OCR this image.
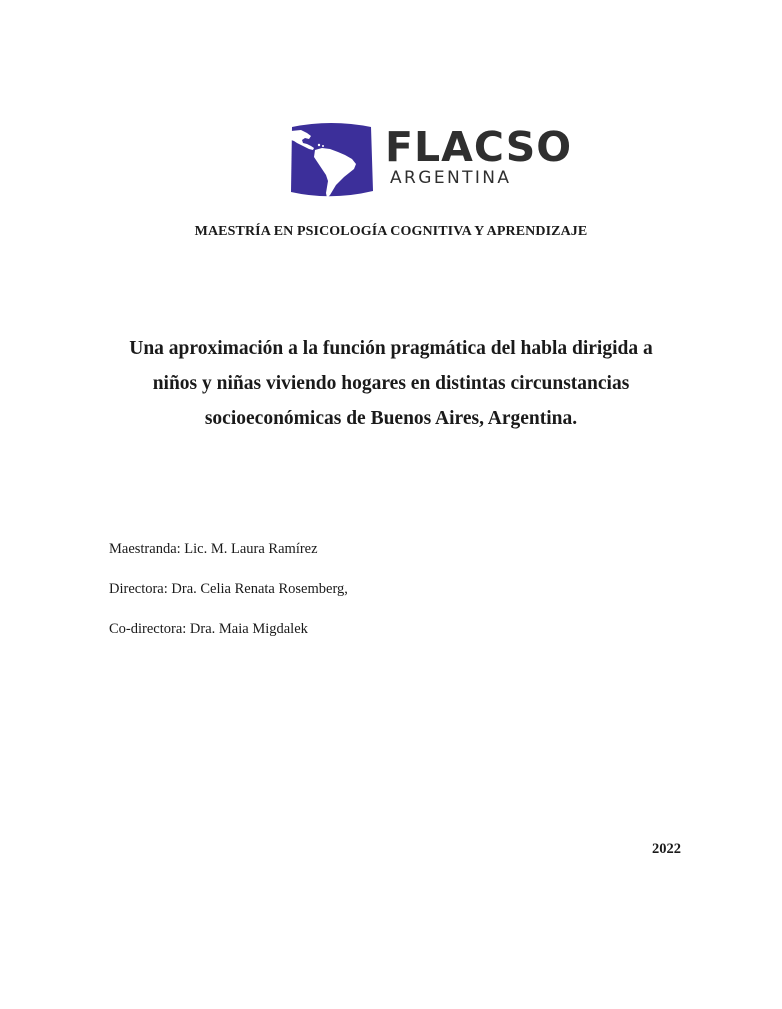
FLACSO
ARGENTINA
MAESTRÍA EN PSICOLOGÍA COGNITIVA Y APRENDIZAJE
Una aproximación a la función pragmática del habla dirigida a
niños y niñas viviendo hogares en distintas circunstancias
socioeconómicas de Buenos Aires, Argentina.
Maestranda: Lic. M. Laura Ramírez
Directora: Dra. Celia Renata Rosemberg,
Co-directora: Dra. Maia Migdalek
2022
